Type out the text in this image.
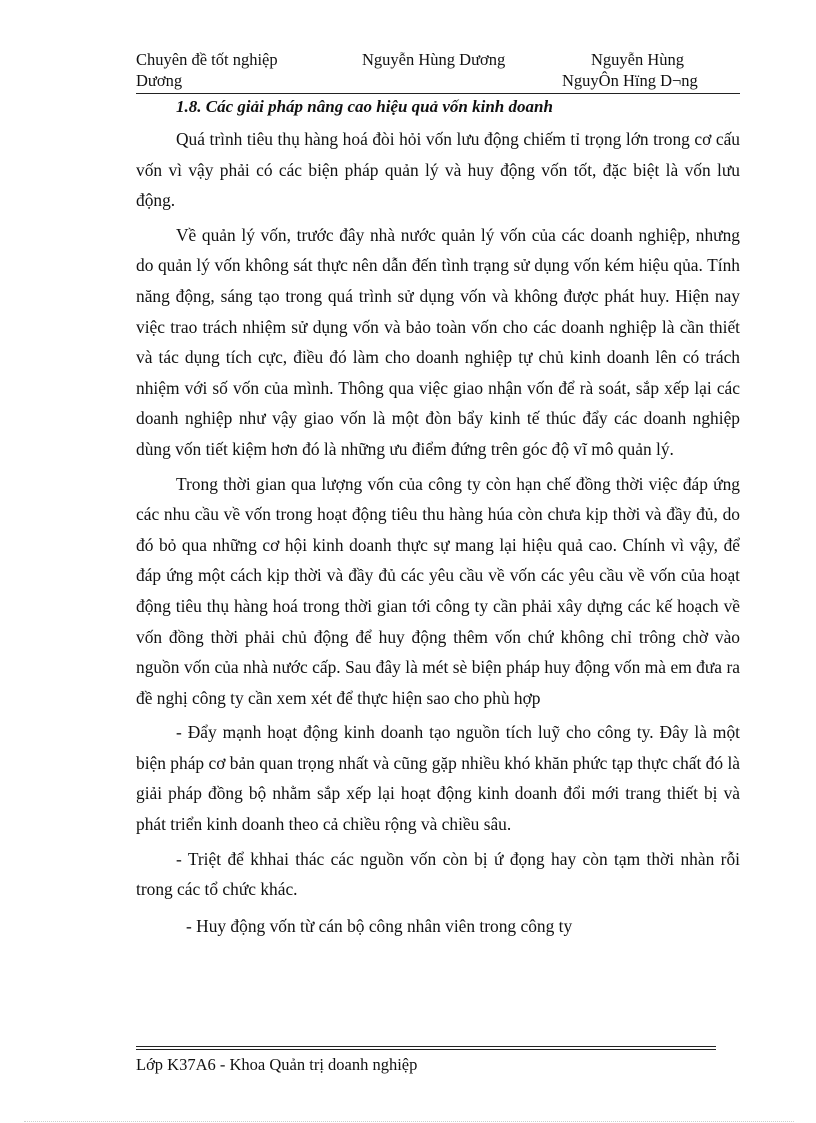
Chuyên đề tốt nghiệp
Dương
Nguyễn Hùng Dương	Nguyễn Hùng
NguyÔn Hïng D¬ng
1.8. Các giải pháp nâng cao hiệu quả vốn kinh doanh

Quá trình tiêu thụ hàng hoá đòi hỏi vốn lưu động chiếm tỉ trọng lớn trong cơ cấu vốn vì vậy phải có các biện pháp quản lý và huy động vốn tốt, đặc biệt là vốn lưu động.

Về quản lý vốn, trước đây nhà nước quản lý vốn của các doanh nghiệp, nhưng do quản lý vốn không sát thực nên dẫn đến tình trạng sử dụng vốn kém hiệu qủa. Tính năng động, sáng tạo trong quá trình sử dụng vốn và không được phát huy. Hiện nay việc trao trách nhiệm sử dụng vốn và bảo toàn vốn cho các doanh nghiệp là cần thiết và tác dụng tích cực, điều đó làm cho doanh nghiệp tự chủ kinh doanh lên có trách nhiệm với số vốn của mình. Thông qua việc giao nhận vốn để rà soát, sắp xếp lại các doanh nghiệp như vậy giao vốn là một đòn bẩy kinh tế thúc đẩy các doanh nghiệp dùng vốn tiết kiệm hơn đó là những ưu điểm đứng trên góc độ vĩ mô quản lý.

Trong thời gian qua lượng vốn của công ty còn hạn chế đồng thời việc đáp ứng các nhu cầu về vốn trong hoạt động tiêu thu hàng húa còn chưa kịp thời và đầy đủ, do đó bỏ qua những cơ hội kinh doanh thực sự mang lại hiệu quả cao. Chính vì vậy, để đáp ứng một cách kịp thời và đầy đủ các yêu cầu về vốn các yêu cầu về vốn của hoạt động tiêu thụ hàng hoá trong thời gian tới công ty cần phải xây dựng các kế hoạch về vốn đồng thời phải chủ động để huy động thêm vốn chứ không chỉ trông chờ vào nguồn vốn của nhà nước cấp. Sau đây là mét sè biện pháp huy động vốn mà em đưa ra đề nghị công ty cần xem xét để thực hiện sao cho phù hợp

- Đẩy mạnh hoạt động kinh doanh tạo nguồn tích luỹ cho công ty. Đây là một biện pháp cơ bản quan trọng nhất và cũng gặp nhiều khó khăn phức tạp thực chất đó là giải pháp đồng bộ nhằm sắp xếp lại hoạt động kinh doanh đổi mới trang thiết bị và phát triển kinh doanh theo cả chiều rộng và chiều sâu.

- Triệt để khhai thác các nguồn vốn còn bị ứ đọng hay còn tạm thời nhàn rỗi trong các tổ chức khác.

- Huy động vốn từ cán bộ công nhân viên trong công ty

Lớp K37A6 - Khoa Quản trị doanh nghiệp
